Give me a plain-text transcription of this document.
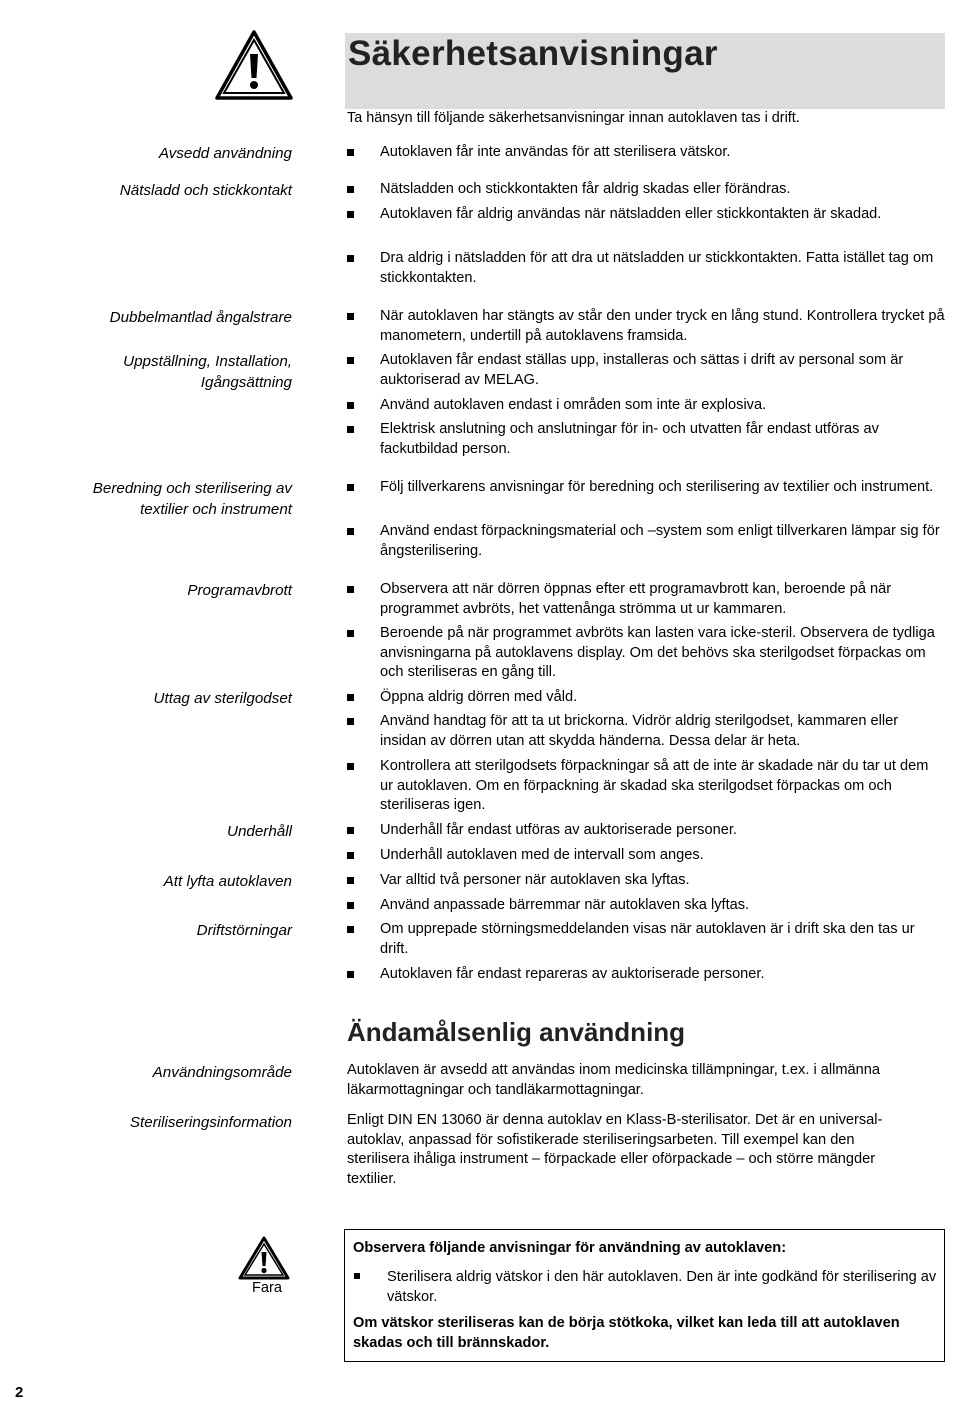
Säkerhetsanvisningar
Ta hänsyn till följande säkerhetsanvisningar innan autoklaven tas i drift.
Avsedd användning
Nätsladd och stickkontakt
Dubbelmantlad ångalstrare
Uppställning, Installation, Igångsättning
Beredning och sterilisering av textilier och instrument
Programavbrott
Uttag av sterilgodset
Underhåll
Att lyfta autoklaven
Driftstörningar
Autoklaven får inte användas för att sterilisera vätskor.
Nätsladden och stickkontakten får aldrig skadas eller förändras.
Autoklaven får aldrig användas när nätsladden eller stickkontakten är skadad.
Dra aldrig i nätsladden för att dra ut nätsladden ur stickkontakten. Fatta istället tag om stickkontakten.
När autoklaven har stängts av står den under tryck en lång stund. Kontrollera trycket på manometern, undertill på autoklavens framsida.
Autoklaven får endast ställas upp, installeras och sättas i drift av personal som är auktoriserad av MELAG.
Använd autoklaven endast i områden som inte är explosiva.
Elektrisk anslutning och anslutningar för in- och utvatten får endast utföras av fackutbildad person.
Följ tillverkarens anvisningar för beredning och sterilisering av textilier och instrument.
Använd endast förpackningsmaterial och –system som enligt tillverkaren lämpar sig för ångsterilisering.
Observera att när dörren öppnas efter ett programavbrott kan, beroende på när programmet avbröts, het vattenånga strömma ut ur kammaren.
Beroende på när programmet avbröts kan lasten vara icke-steril. Observera de tydliga anvisningarna på autoklavens display. Om det behövs ska sterilgodset förpackas om och steriliseras en gång till.
Öppna aldrig dörren med våld.
Använd handtag för att ta ut brickorna. Vidrör aldrig sterilgodset, kammaren eller insidan av dörren utan att skydda händerna. Dessa delar är heta.
Kontrollera att sterilgodsets förpackningar så att de inte är skadade när du tar ut dem ur autoklaven. Om en förpackning är skadad ska sterilgodset förpackas om och steriliseras igen.
Underhåll får endast utföras av auktoriserade personer.
Underhåll autoklaven med de intervall som anges.
Var alltid två personer när autoklaven ska lyftas.
Använd anpassade bärremmar när autoklaven ska lyftas.
Om upprepade störningsmeddelanden visas när autoklaven är i drift ska den tas ur drift.
Autoklaven får endast repareras av auktoriserade personer.
Ändamålsenlig användning
Användningsområde	Autoklaven är avsedd att användas inom medicinska tillämpningar, t.ex. i allmänna läkarmottagningar och tandläkarmottagningar.
Steriliseringsinformation	Enligt DIN EN 13060 är denna autoklav en Klass-B-sterilisator. Det är en universal-autoklav, anpassad för sofistikerade steriliseringsarbeten. Till exempel kan den sterilisera ihåliga instrument – förpackade eller oförpackade – och större mängder textilier.
Fara
Observera följande anvisningar för användning av autoklaven:
Sterilisera aldrig vätskor i den här autoklaven. Den är inte godkänd för sterilisering av vätskor.
Om vätskor steriliseras kan de börja stötkoka, vilket kan leda till att autoklaven skadas och till brännskador.
2
